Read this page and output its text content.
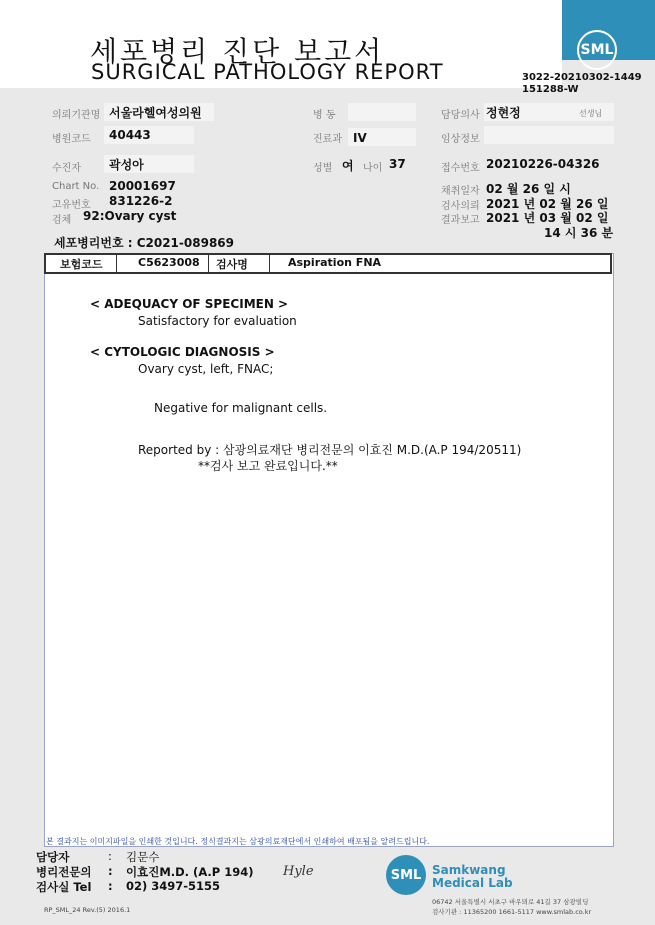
SML
세포병리 진단 보고서
SURGICAL PATHOLOGY REPORT	3022-20210302-1449
151288-W
의뢰기관명 서울라헬여성의원
병원코드 40443
수진자 곽성아
Chart No. 20001697
고유번호 831226-2
검체 92:Ovary cyst
병 동
진료과 IV
성별 여 나이 37
담당의사 정현정	선생님
임상정보
접수번호 20210226-04326
채취일자 02 월 26 일 시
검사의뢰 2021 년 02 월 26 일
결과보고 2021 년 03 월 02 일
14 시 36 분
세포병리번호 : C2021-089869
보험코드	C5623008 검사명	Aspiration FNA
< ADEQUACY OF SPECIMEN >
Satisfactory for evaluation
< CYTOLOGIC DIAGNOSIS >
Ovary cyst, left, FNAC;
Negative for malignant cells.
Reported by : 삼광의료재단 병리전문의 이효진 M.D.(A.P 194/20511)
**검사 보고 완료입니다.**
본 결과지는 이미지파일을 인쇄한 것입니다. 정식결과지는 삼광의료재단에서 인쇄하여 배포됨을 알려드립니다.
담당자	: 김문수
병리전문의 : 이효진M.D. (A.P 194)
검사실 Tel : 02) 3497-5155
Hyle	SML Samkwang Medical Lab
06742 서울특별시 서초구 바우뫼로 41길 37 삼광빌딩
검사기관 : 11365200 1661-5117 www.smlab.co.kr
RP_SML_24 Rev.(5) 2016.1
